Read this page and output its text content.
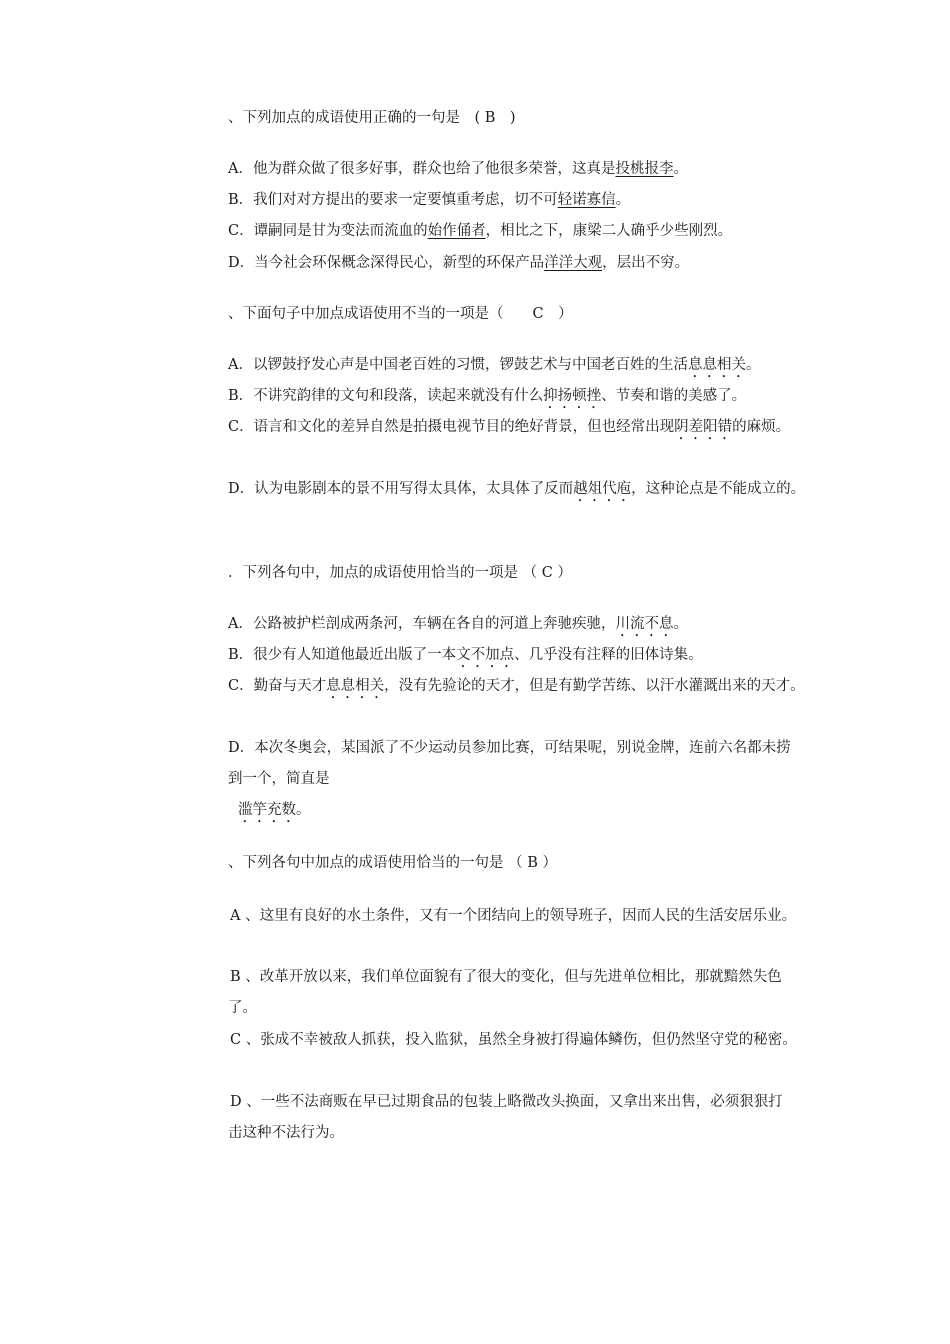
、下列加点的成语使用正确的一句是　( B　)
A．他为群众做了很多好事，群众也给了他很多荣誉，这真是投桃报李。
B．我们对对方提出的要求一定要慎重考虑，切不可轻诺寡信。
C．谭嗣同是甘为变法而流血的始作俑者，相比之下，康梁二人确乎少些刚烈。
D．当今社会环保概念深得民心，新型的环保产品洋洋大观，层出不穷。
、下面句子中加点成语使用不当的一项是（　　C　）
A．以锣鼓抒发心声是中国老百姓的习惯，锣鼓艺术与中国老百姓的生活息息相关。
B．不讲究韵律的文句和段落，读起来就没有什么抑扬顿挫、节奏和谐的美感了。
C．语言和文化的差异自然是拍摄电视节目的绝好背景，但也经常出现阴差阳错的麻烦。
D．认为电影剧本的景不用写得太具体，太具体了反而越俎代庖，这种论点是不能成立的。
．下列各句中，加点的成语使用恰当的一项是 （ C ）
A．公路被护栏剖成两条河，车辆在各自的河道上奔驰疾驰，川流不息。
B．很少有人知道他最近出版了一本文不加点、几乎没有注释的旧体诗集。
C．勤奋与天才息息相关，没有先验论的天才，但是有勤学苦练、以汗水灌溉出来的天才。
D．本次冬奥会，某国派了不少运动员参加比赛，可结果呢，别说金牌，连前六名都未捞
到一个，简直是
滥竽充数。
、下列各句中加点的成语使用恰当的一句是 （ B ）
A 、这里有良好的水土条件，又有一个团结向上的领导班子，因而人民的生活安居乐业。
B 、改革开放以来，我们单位面貌有了很大的变化，但与先进单位相比，那就黯然失色
了。
C 、张成不幸被敌人抓获，投入监狱，虽然全身被打得遍体鳞伤，但仍然坚守党的秘密。
D 、一些不法商贩在早已过期食品的包装上略微改头换面，又拿出来出售，必须狠狠打
击这种不法行为。
